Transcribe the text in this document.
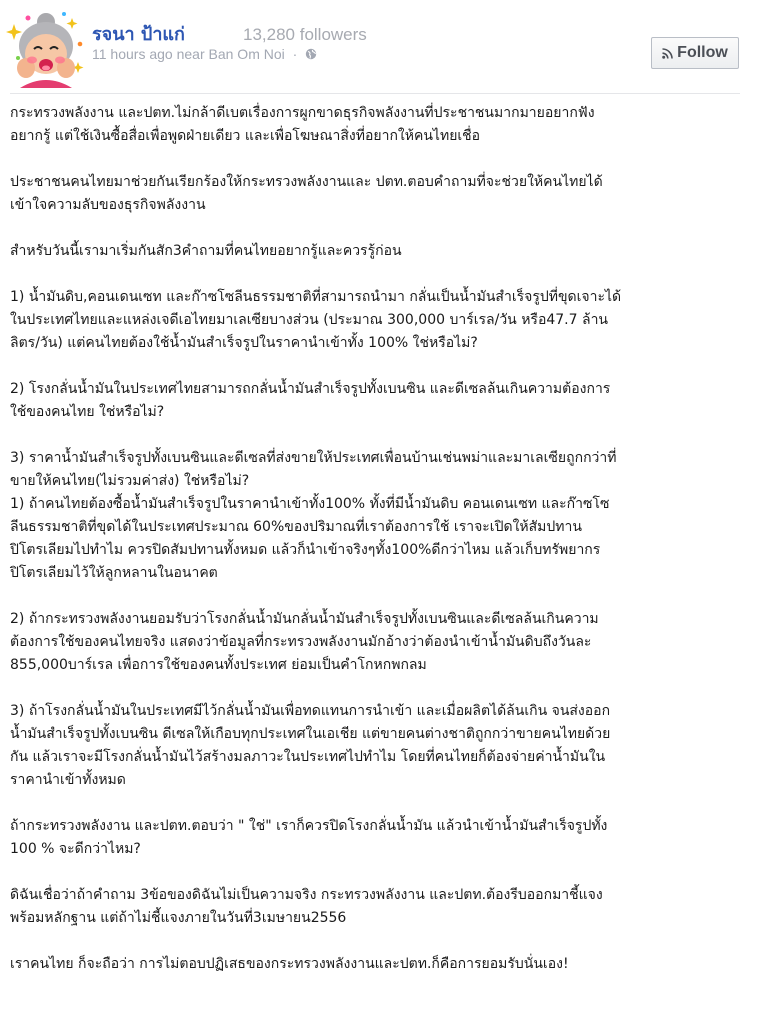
รจนา ป้าแก่	13,280 followers
11 hours ago near Ban Om Noi ·	Follow

กระทรวงพลังงาน และปตท.ไม่กล้าดีเบตเรื่องการผูกขาดธุรกิจพลังงานที่ประชาชนมากมายอยากฟัง
อยากรู้ แต่ใช้เงินซื้อสื่อเพื่อพูดฝ่ายเดียว และเพื่อโฆษณาสิ่งที่อยากให้คนไทยเชื่อ

ประชาชนคนไทยมาช่วยกันเรียกร้องให้กระทรวงพลังงานและ ปตท.ตอบคำถามที่จะช่วยให้คนไทยได้
เข้าใจความลับของธุรกิจพลังงาน

สำหรับวันนี้เรามาเริ่มกันสัก3คำถามที่คนไทยอยากรู้และควรรู้ก่อน

1) น้ำมันดิบ,คอนเดนเซท และก๊าซโซลีนธรรมชาติที่สามารถนำมา กลั่นเป็นน้ำมันสำเร็จรูปที่ขุดเจาะได้
ในประเทศไทยและแหล่งเจดีเอไทยมาเลเซียบางส่วน (ประมาณ 300,000 บาร์เรล/วัน หรือ47.7 ล้าน
ลิตร/วัน) แต่คนไทยต้องใช้น้ำมันสำเร็จรูปในราคานำเข้าทั้ง 100% ใช่หรือไม่?

2) โรงกลั่นน้ำมันในประเทศไทยสามารถกลั่นน้ำมันสำเร็จรูปทั้งเบนซิน และดีเซลล้นเกินความต้องการ
ใช้ของคนไทย ใช่หรือไม่?

3) ราคาน้ำมันสำเร็จรูปทั้งเบนซินและดีเซลที่ส่งขายให้ประเทศเพื่อนบ้านเช่นพม่าและมาเลเซียถูกกว่าที่
ขายให้คนไทย(ไม่รวมค่าส่ง) ใช่หรือไม่?

1) ถ้าคนไทยต้องซื้อน้ำมันสำเร็จรูปในราคานำเข้าทั้ง100% ทั้งที่มีน้ำมันดิบ คอนเดนเซท และก๊าซโซ
ลีนธรรมชาติที่ขุดได้ในประเทศประมาณ 60%ของปริมาณที่เราต้องการใช้ เราจะเปิดให้สัมปทาน
ปิโตรเลียมไปทำไม ควรปิดสัมปทานทั้งหมด แล้วก็นำเข้าจริงๆทั้ง100%ดีกว่าไหม แล้วเก็บทรัพยากร
ปิโตรเลียมไว้ให้ลูกหลานในอนาคต

2) ถ้ากระทรวงพลังงานยอมรับว่าโรงกลั่นน้ำมันกลั่นน้ำมันสำเร็จรูปทั้งเบนซินและดีเซลล้นเกินความ
ต้องการใช้ของคนไทยจริง แสดงว่าข้อมูลที่กระทรวงพลังงานมักอ้างว่าต้องนำเข้าน้ำมันดิบถึงวันละ
855,000บาร์เรล เพื่อการใช้ของคนทั้งประเทศ ย่อมเป็นคำโกหกพกลม

3) ถ้าโรงกลั่นน้ำมันในประเทศมีไว้กลั่นน้ำมันเพื่อทดแทนการนำเข้า และเมื่อผลิตได้ล้นเกิน จนส่งออก
น้ำมันสำเร็จรูปทั้งเบนซิน ดีเซลให้เกือบทุกประเทศในเอเชีย แต่ขายคนต่างชาติถูกกว่าขายคนไทยด้วย
กัน แล้วเราจะมีโรงกลั่นน้ำมันไว้สร้างมลภาวะในประเทศไปทำไม โดยที่คนไทยก็ต้องจ่ายค่าน้ำมันใน
ราคานำเข้าทั้งหมด

ถ้ากระทรวงพลังงาน และปตท.ตอบว่า " ใช่" เราก็ควรปิดโรงกลั่นน้ำมัน แล้วนำเข้าน้ำมันสำเร็จรูปทั้ง
100 % จะดีกว่าไหม?

ดิฉันเชื่อว่าถ้าคำถาม 3ข้อของดิฉันไม่เป็นความจริง กระทรวงพลังงาน และปตท.ต้องรีบออกมาชี้แจง
พร้อมหลักฐาน แต่ถ้าไม่ชี้แจงภายในวันที่3เมษายน2556

เราคนไทย ก็จะถือว่า การไม่ตอบปฏิเสธของกระทรวงพลังงานและปตท.ก็คือการยอมรับนั่นเอง!
